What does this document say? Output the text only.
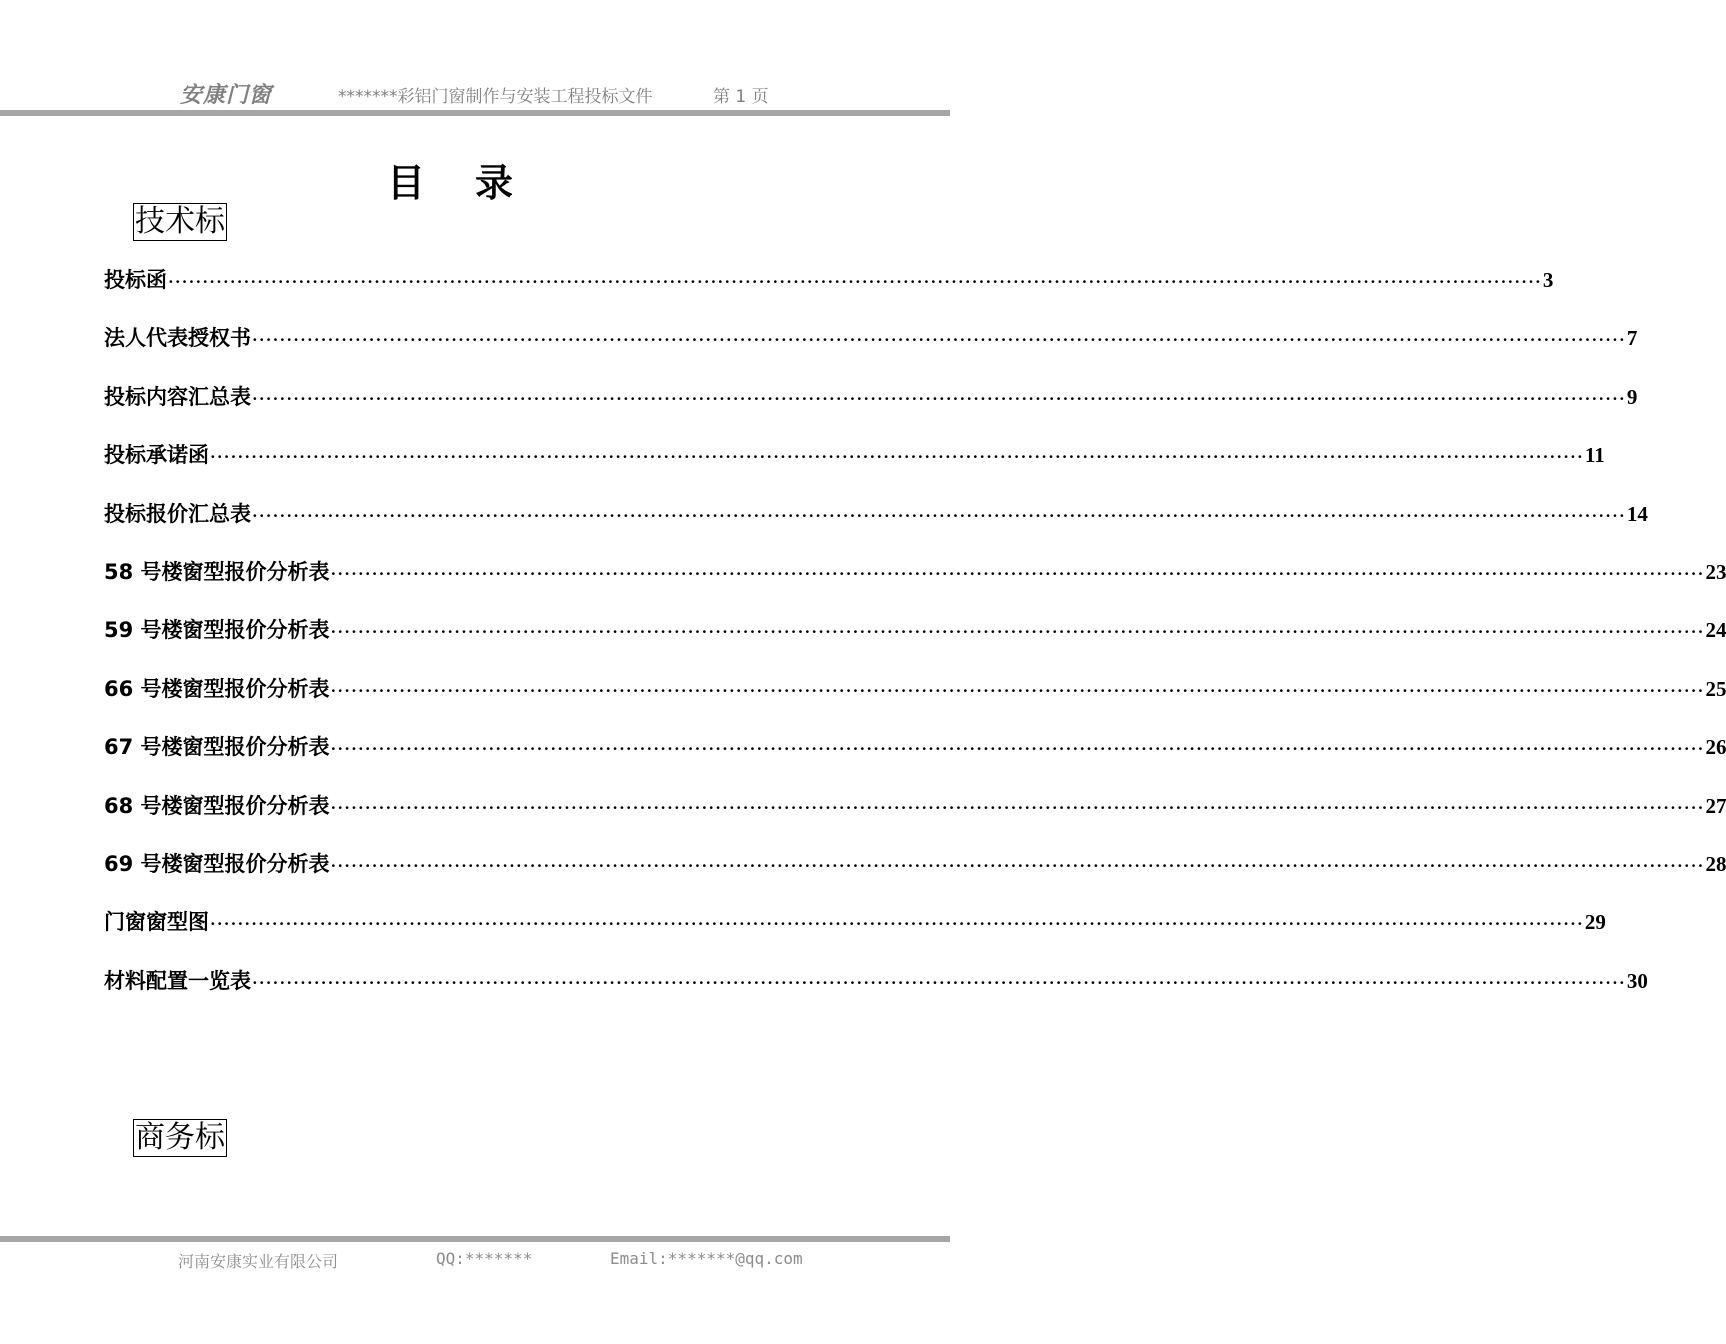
安康门窗	*******彩铝门窗制作与安装工程投标文件	第 1 页
目录
技术标
投标函 ········································································································································································································ 3
法人代表授权书 ········································································································································································································ 7
投标内容汇总表 ········································································································································································································ 9
投标承诺函 ········································································································································································································ 11
投标报价汇总表 ········································································································································································································ 14
58 号楼窗型报价分析表 ········································································································································································································ 23
59 号楼窗型报价分析表 ········································································································································································································ 24
66 号楼窗型报价分析表 ········································································································································································································ 25
67 号楼窗型报价分析表 ········································································································································································································ 26
68 号楼窗型报价分析表 ········································································································································································································ 27
69 号楼窗型报价分析表 ········································································································································································································ 28
门窗窗型图 ········································································································································································································ 29
材料配置一览表 ········································································································································································································ 30
商务标
河南安康实业有限公司	QQ:*******	Email:*******@qq.com
